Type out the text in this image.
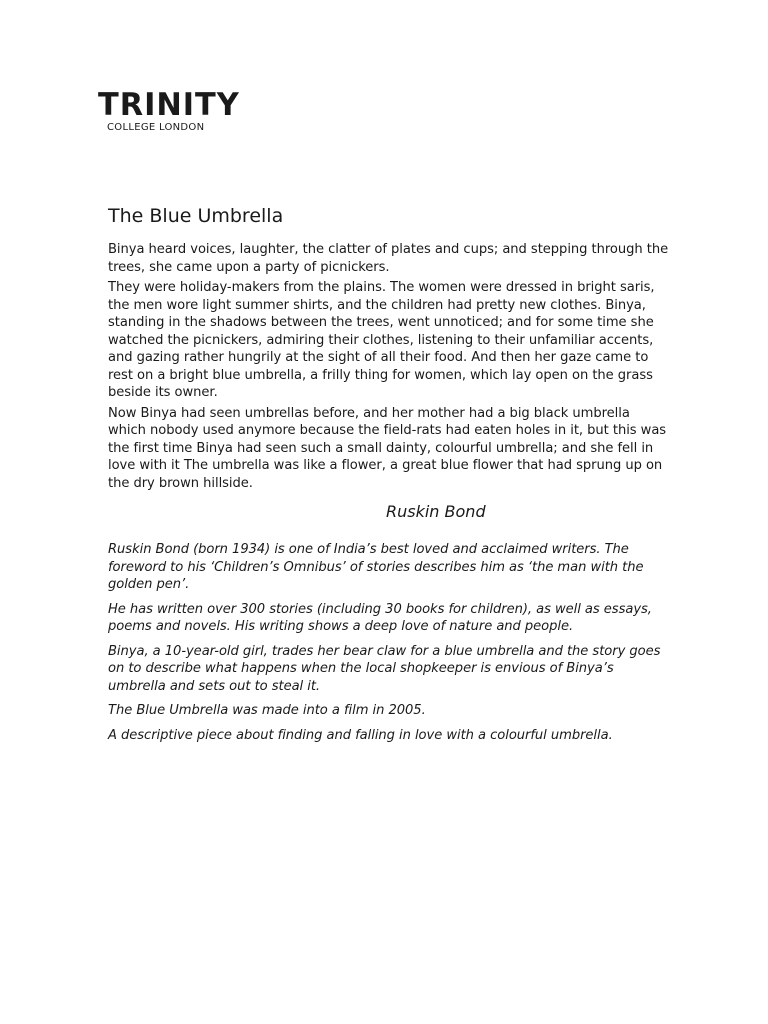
TRINITY
COLLEGE LONDON
The Blue Umbrella

Binya heard voices, laughter, the clatter of plates and cups; and stepping through the trees, she came upon a party of picnickers.

They were holiday-makers from the plains. The women were dressed in bright saris, the men wore light summer shirts, and the children had pretty new clothes. Binya, standing in the shadows between the trees, went unnoticed; and for some time she watched the picnickers, admiring their clothes, listening to their unfamiliar accents, and gazing rather hungrily at the sight of all their food. And then her gaze came to rest on a bright blue umbrella, a frilly thing for women, which lay open on the grass beside its owner.

Now Binya had seen umbrellas before, and her mother had a big black umbrella which nobody used anymore because the field-rats had eaten holes in it, but this was the first time Binya had seen such a small dainty, colourful umbrella; and she fell in love with it The umbrella was like a flower, a great blue flower that had sprung up on the dry brown hillside.

Ruskin Bond

Ruskin Bond (born 1934) is one of India’s best loved and acclaimed writers. The foreword to his ‘Children’s Omnibus’ of stories describes him as ‘the man with the golden pen’.

He has written over 300 stories (including 30 books for children), as well as essays, poems and novels. His writing shows a deep love of nature and people.

Binya, a 10-year-old girl, trades her bear claw for a blue umbrella and the story goes on to describe what happens when the local shopkeeper is envious of Binya’s umbrella and sets out to steal it.

The Blue Umbrella was made into a film in 2005.

A descriptive piece about finding and falling in love with a colourful umbrella.
